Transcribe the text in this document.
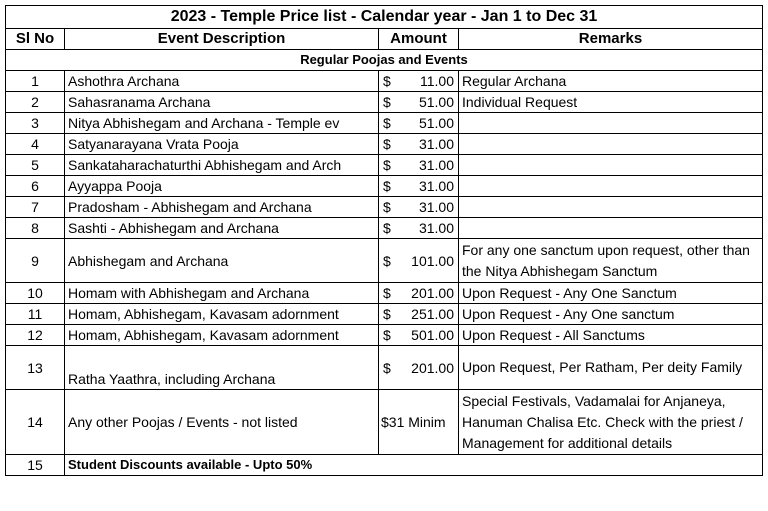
2023 - Temple Price list - Calendar year - Jan 1 to Dec 31			
Sl No	Event Description	Amount	Remarks
Regular Poojas and Events			
1	Ashothra Archana	$ 11.00	Regular Archana
2	Sahasranama Archana	$ 51.00	Individual Request
3	Nitya Abhishegam and Archana - Temple ev	$ 51.00	

4	Satyanarayana Vrata Pooja	$ 31.00	

5	Sankataharachaturthi Abhishegam and Arch	$ 31.00	

6	Ayyappa Pooja	$ 31.00	

7	Pradosham - Abhishegam and Archana	$ 31.00	

8	Sashti - Abhishegam and Archana	$ 31.00	

9	Abhishegam and Archana	$ 101.00	For any one sanctum upon request, other than the Nitya Abhishegam Sanctum
10	Homam with Abhishegam and Archana	$ 201.00	Upon Request - Any One Sanctum
11	Homam, Abhishegam, Kavasam adornment	$ 251.00	Upon Request - Any One sanctum
12	Homam, Abhishegam, Kavasam adornment	$ 501.00	Upon Request - All Sanctums
13	Ratha Yaathra, including Archana	$ 201.00	Upon Request, Per Ratham, Per deity Family
14	Any other Poojas / Events - not listed	$31 Minim	Special Festivals, Vadamalai for Anjaneya, Hanuman Chalisa Etc. Check with the priest / Management for additional details
15	Student Discounts available - Upto 50%		
